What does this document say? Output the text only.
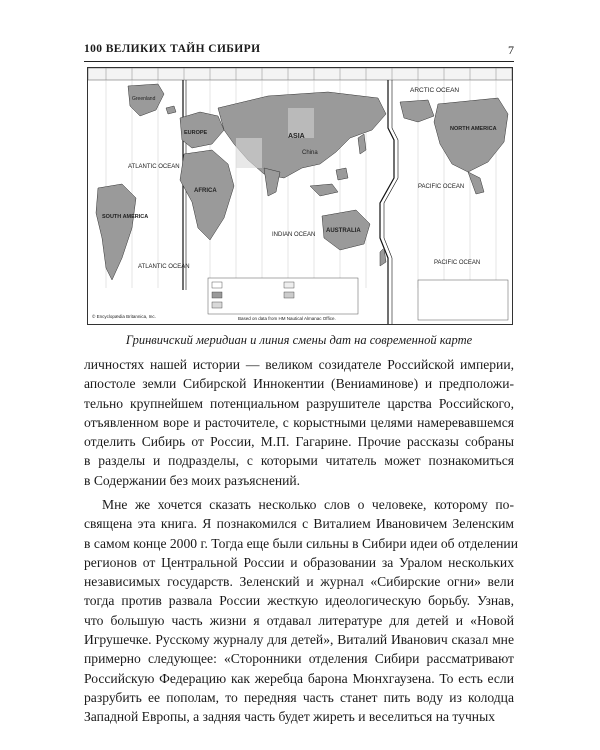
100 ВЕЛИКИХ ТАЙН СИБИРИ	7
ARCTIC OCEAN
ATLANTIC OCEAN
ATLANTIC OCEAN
INDIAN OCEAN
PACIFIC OCEAN
PACIFIC OCEAN
ASIA
EUROPE
AFRICA
SOUTH AMERICA
NORTH AMERICA
AUSTRALIA
China
Greenland
© Encyclopædia Britannica, Inc.	Based on data from HM Nautical Almanac Office.
Гринвичский меридиан и линия смены дат на современной карте
личностях нашей истории — великом созидателе Российской империи,
апостоле земли Сибирской Иннокентии (Вениаминове) и предположи-
тельно крупнейшем потенциальном разрушителе царства Российского,
отъявленном воре и расточителе, с корыстными целями намеревавшемся
отделить Сибирь от России, М.П. Гагарине. Прочие рассказы собраны
в разделы и подразделы, с которыми читатель может познакомиться
в Содержании без моих разъяснений.
Мне же хочется сказать несколько слов о человеке, которому по-
священа эта книга. Я познакомился с Виталием Ивановичем Зеленским
в самом конце 2000 г. Тогда еще были сильны в Сибири идеи об отделении
регионов от Центральной России и образовании за Уралом нескольких
независимых государств. Зеленский и журнал «Сибирские огни» вели
тогда против развала России жесткую идеологическую борьбу. Узнав,
что большую часть жизни я отдавал литературе для детей и «Новой
Игрушечке. Русскому журналу для детей», Виталий Иванович сказал мне
примерно следующее: «Сторонники отделения Сибири рассматривают
Российскую Федерацию как жеребца барона Мюнхгаузена. То есть если
разрубить ее пополам, то передняя часть станет пить воду из колодца
Западной Европы, а задняя часть будет жиреть и веселиться на тучных
